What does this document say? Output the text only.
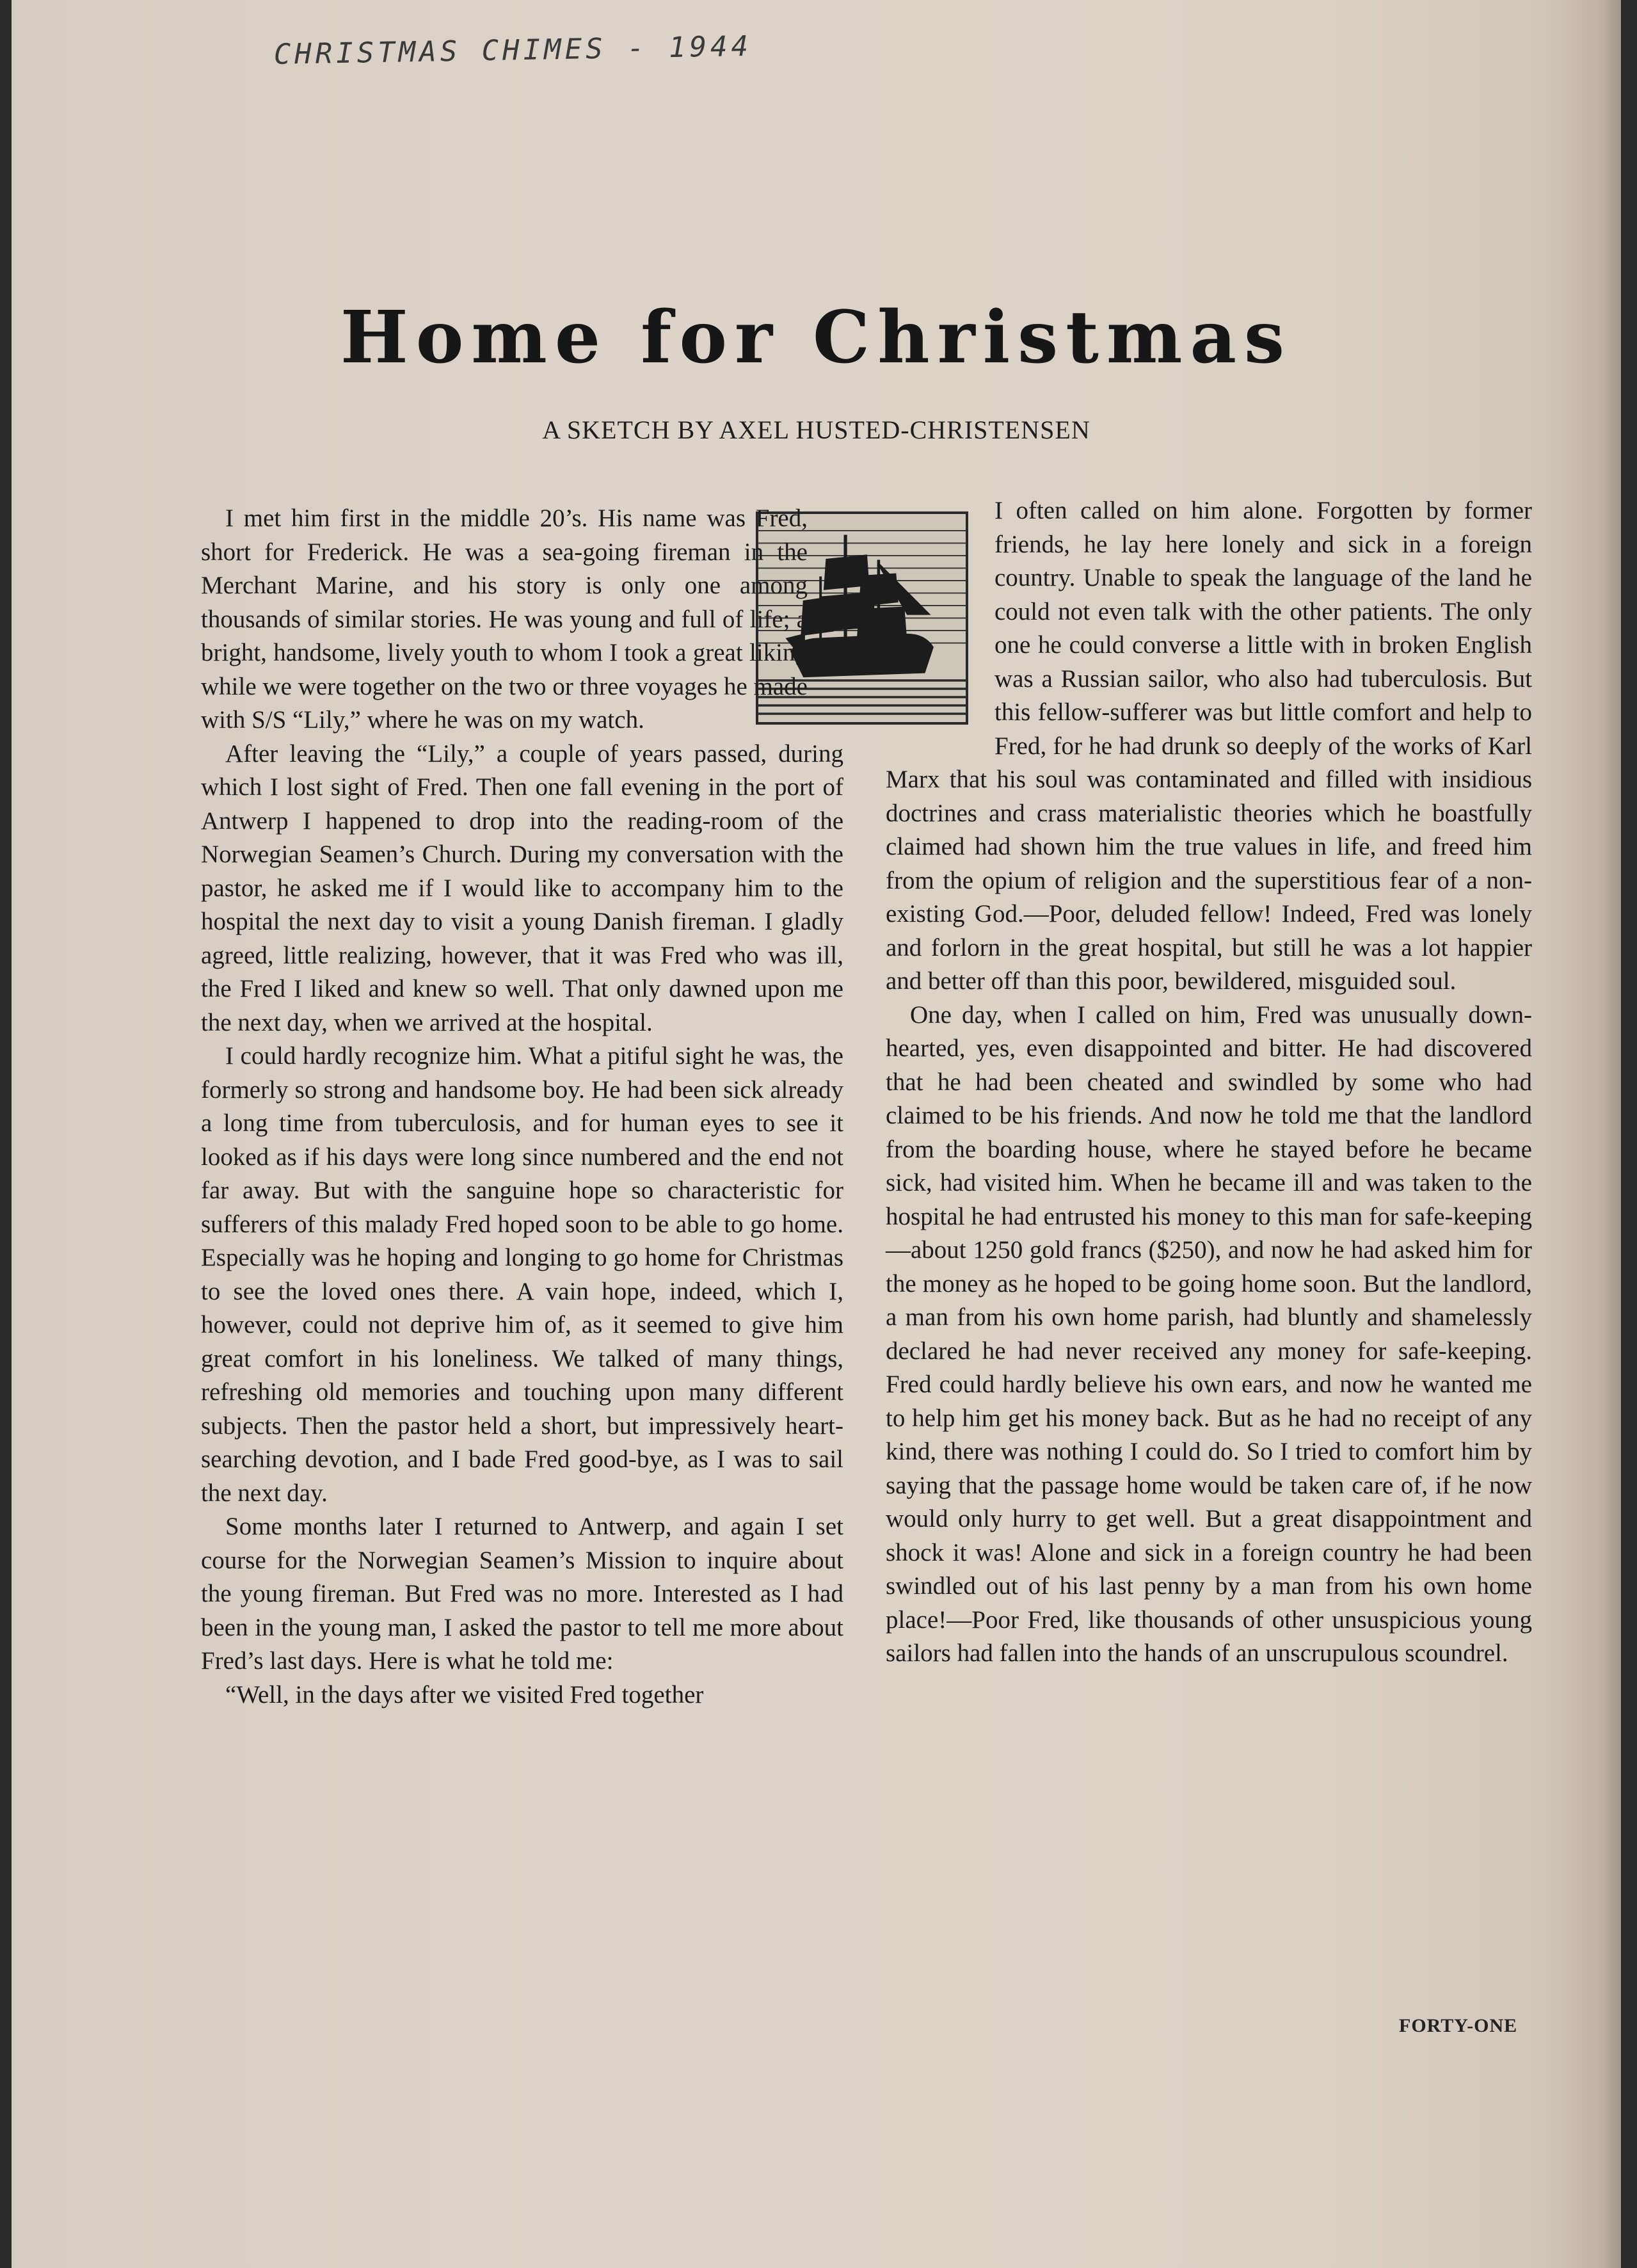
CHRISTMAS CHIMES - 1944
Home for Christmas
A SKETCH BY AXEL HUSTED-CHRISTENSEN

I met him first in the middle 20’s. His name was Fred, short for Frederick. He was a sea-going fireman in the Merchant Marine, and his story is only one among thousands of similar stories. He was young and full of life; a bright, handsome, lively youth to whom I took a great liking while we were together on the two or three voyages he made with S/S “Lily,” where he was on my watch.

After leaving the “Lily,” a couple of years passed, during which I lost sight of Fred. Then one fall evening in the port of Antwerp I happened to drop into the reading-room of the Norwegian Seamen’s Church. During my conversation with the pastor, he asked me if I would like to accompany him to the hospital the next day to visit a young Danish fireman. I gladly agreed, little realizing, however, that it was Fred who was ill, the Fred I liked and knew so well. That only dawned upon me the next day, when we arrived at the hospital.

I could hardly recognize him. What a pitiful sight he was, the formerly so strong and handsome boy. He had been sick already a long time from tuberculosis, and for human eyes to see it looked as if his days were long since numbered and the end not far away. But with the sanguine hope so characteristic for sufferers of this malady Fred hoped soon to be able to go home. Especially was he hoping and longing to go home for Christmas to see the loved ones there. A vain hope, indeed, which I, however, could not deprive him of, as it seemed to give him great comfort in his loneliness. We talked of many things, refreshing old memories and touching upon many different subjects. Then the pastor held a short, but impressively heart-searching devotion, and I bade Fred good-bye, as I was to sail the next day.

Some months later I returned to Antwerp, and again I set course for the Norwegian Seamen’s Mission to inquire about the young fireman. But Fred was no more. Interested as I had been in the young man, I asked the pastor to tell me more about Fred’s last days. Here is what he told me:

“Well, in the days after we visited Fred together

I often called on him alone. Forgotten by former friends, he lay here lonely and sick in a foreign country. Unable to speak the language of the land he could not even talk with the other patients. The only one he could converse a little with in broken English was a Russian sailor, who also had tuberculosis. But this fellow-sufferer was but little comfort and help to Fred, for he had drunk so deeply of the works of Karl Marx that his soul was contaminated and filled with insidious doctrines and crass materialistic theories which he boastfully claimed had shown him the true values in life, and freed him from the opium of religion and the superstitious fear of a non-existing God.—Poor, deluded fellow! Indeed, Fred was lonely and forlorn in the great hospital, but still he was a lot happier and better off than this poor, bewildered, misguided soul.

One day, when I called on him, Fred was unusually down-hearted, yes, even disappointed and bitter. He had discovered that he had been cheated and swindled by some who had claimed to be his friends. And now he told me that the landlord from the boarding house, where he stayed before he became sick, had visited him. When he became ill and was taken to the hospital he had entrusted his money to this man for safe-keeping—about 1250 gold francs ($250), and now he had asked him for the money as he hoped to be going home soon. But the landlord, a man from his own home parish, had bluntly and shamelessly declared he had never received any money for safe-keeping. Fred could hardly believe his own ears, and now he wanted me to help him get his money back. But as he had no receipt of any kind, there was nothing I could do. So I tried to comfort him by saying that the passage home would be taken care of, if he now would only hurry to get well. But a great disappointment and shock it was! Alone and sick in a foreign country he had been swindled out of his last penny by a man from his own home place!—Poor Fred, like thousands of other unsuspicious young sailors had fallen into the hands of an unscrupulous scoundrel.

FORTY-ONE
